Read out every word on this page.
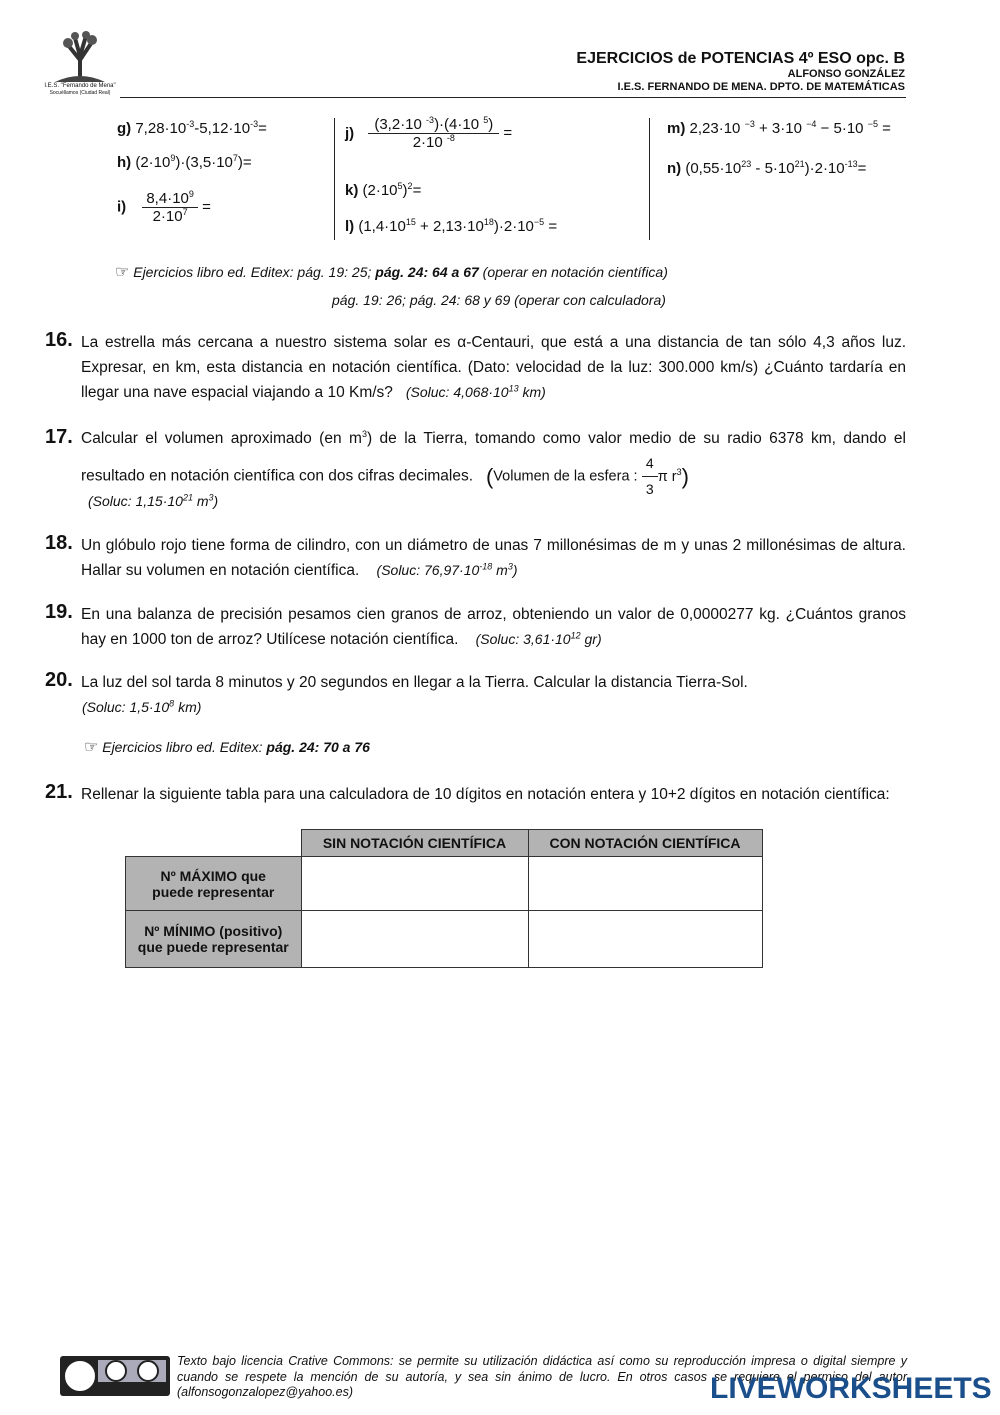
I.E.S. "Fernando de Mena"
Socuéllamos (Ciudad Real)
EJERCICIOS de POTENCIAS 4º ESO opc. B
ALFONSO GONZÁLEZ
I.E.S. FERNANDO DE MENA. DPTO. DE MATEMÁTICAS
g) $7,28\cdot 10^{-3}-5,12\cdot 10^{-3}=$
h) $(2\cdot 10^9)\cdot(3,5\cdot 10^7)=$
$i) \frac{8,4\cdot 10^9}{2\cdot 10^7}$ =
$j) \frac{(3,2\cdot 10 ^{-3})\cdot(4\cdot 10 ^5)}{2\cdot 10 ^{-8}}$ =
k) $(2\cdot 10^5)^2=$
l) $(1,4\cdot 10^{15} + 2,13\cdot 10^{18})\cdot 2\cdot 10^{-5}$ =
m) 2,23·10 $^{-3}$ + 3·10 $^{-4}$ − 5·10 $^{-5}$ =
n) $(0,55\cdot 10^{23} - 5\cdot 10^{21})\cdot 2\cdot 10^{-13}=$
☞ Ejercicios libro ed. Editex: pág. 19: 25; pág. 24: 64 a 67 (operar en notación científica)
pág. 19: 26; pág. 24: 68 y 69 (operar con calculadora)
16. La estrella más cercana a nuestro sistema solar es α-Centauri, que está a una distancia de tan sólo 4,3 años luz. Expresar, en km, esta distancia en notación científica. (Dato: velocidad de la luz: 300.000 km/s) ¿Cuánto tardaría en llegar una nave espacial viajando a 10 Km/s? (Soluc: $4,068\cdot 10^{13}$ km)
17. Calcular el volumen aproximado (en $m^3$) de la Tierra, tomando como valor medio de su radio 6378 km, dando el resultado en notación científica con dos cifras decimales. (Volumen de la esfera : $\frac{4}{3}$ π $r^3$)
(Soluc: $1,15\cdot 10^{21}$ $m^3$)
18. Un glóbulo rojo tiene forma de cilindro, con un diámetro de unas 7 millonésimas de m y unas 2 millonésimas de altura. Hallar su volumen en notación científica. (Soluc: $76,97\cdot 10^{-18}$ $m^3$)
19. En una balanza de precisión pesamos cien granos de arroz, obteniendo un valor de 0,0000277 kg. ¿Cuántos granos hay en 1000 ton de arroz? Utilícese notación científica. (Soluc: $3,61\cdot 10^{12}$ gr)
20. La luz del sol tarda 8 minutos y 20 segundos en llegar a la Tierra. Calcular la distancia Tierra-Sol.
(Soluc: $1,5\cdot 10^8$ km)
☞ Ejercicios libro ed. Editex: pág. 24: 70 a 76
21. Rellenar la siguiente tabla para una calculadora de 10 dígitos en notación entera y 10+2 dígitos en notación científica:
	SIN NOTACIÓN CIENTÍFICA	CON NOTACIÓN CIENTÍFICA
Nº MÁXIMO que puede representar		
Nº MÍNIMO (positivo) que puede representar		
Texto bajo licencia Crative Commons: se permite su utilización didáctica así como su reproducción impresa o digital siempre y cuando se respete la mención de su autoría, y sea sin ánimo de lucro. En otros casos se requiere el permiso del autor (alfonsogonzalopez@yahoo.es)	LIVEWORKSHEETS
